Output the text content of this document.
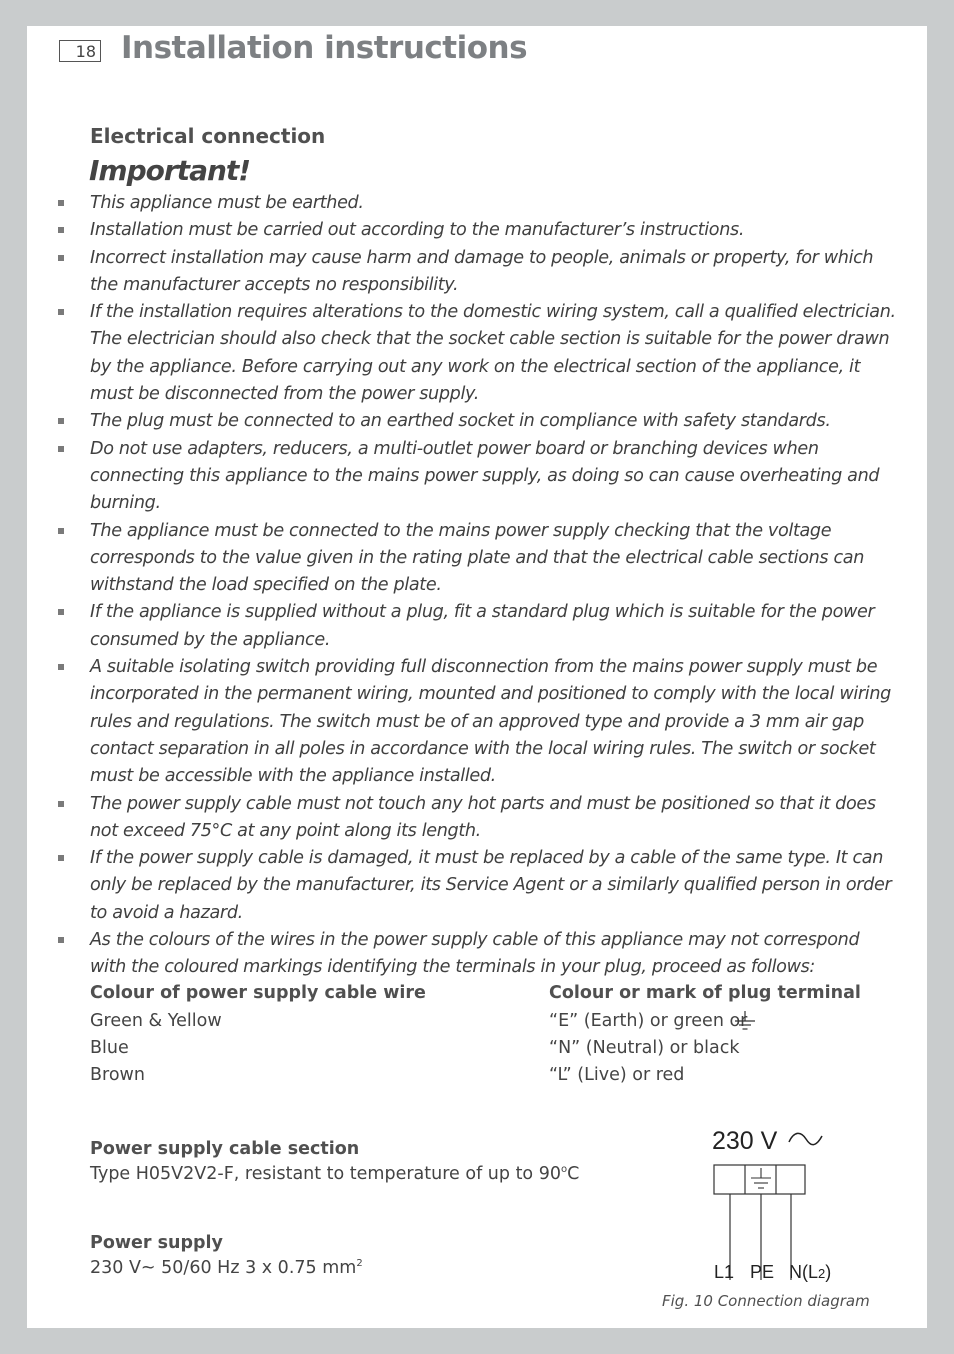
18 Installation instructions
Electrical connection
Important!
This appliance must be earthed.
Installation must be carried out according to the manufacturer’s instructions.
Incorrect installation may cause harm and damage to people, animals or property, for which the manufacturer accepts no responsibility.
If the installation requires alterations to the domestic wiring system, call a qualified electrician. The electrician should also check that the socket cable section is suitable for the power drawn by the appliance. Before carrying out any work on the electrical section of the appliance, it must be disconnected from the power supply.
The plug must be connected to an earthed socket in compliance with safety standards.
Do not use adapters, reducers, a multi-outlet power board or branching devices when connecting this appliance to the mains power supply, as doing so can cause overheating and burning.
The appliance must be connected to the mains power supply checking that the voltage corresponds to the value given in the rating plate and that the electrical cable sections can withstand the load specified on the plate.
If the appliance is supplied without a plug, fit a standard plug which is suitable for the power consumed by the appliance.
A suitable isolating switch providing full disconnection from the mains power supply must be incorporated in the permanent wiring, mounted and positioned to comply with the local wiring rules and regulations. The switch must be of an approved type and provide a 3 mm air gap contact separation in all poles in accordance with the local wiring rules. The switch or socket must be accessible with the appliance installed.
The power supply cable must not touch any hot parts and must be positioned so that it does not exceed 75°C at any point along its length.
If the power supply cable is damaged, it must be replaced by a cable of the same type. It can only be replaced by the manufacturer, its Service Agent or a similarly qualified person in order to avoid a hazard.
As the colours of the wires in the power supply cable of this appliance may not correspond with the coloured markings identifying the terminals in your plug, proceed as follows:
Colour of power supply cable wire	Colour or mark of plug terminal
Green & Yellow	“E” (Earth) or green or
Blue	“N” (Neutral) or black
Brown	“L” (Live) or red
Power supply cable section
Type H05V2V2-F, resistant to temperature of up to 90$^o$C
Power supply
230 V~ 50/60 Hz 3 x 0.75 $mm^2$
230 V
L1 PE N(L2)
Fig. 10 Connection diagram
